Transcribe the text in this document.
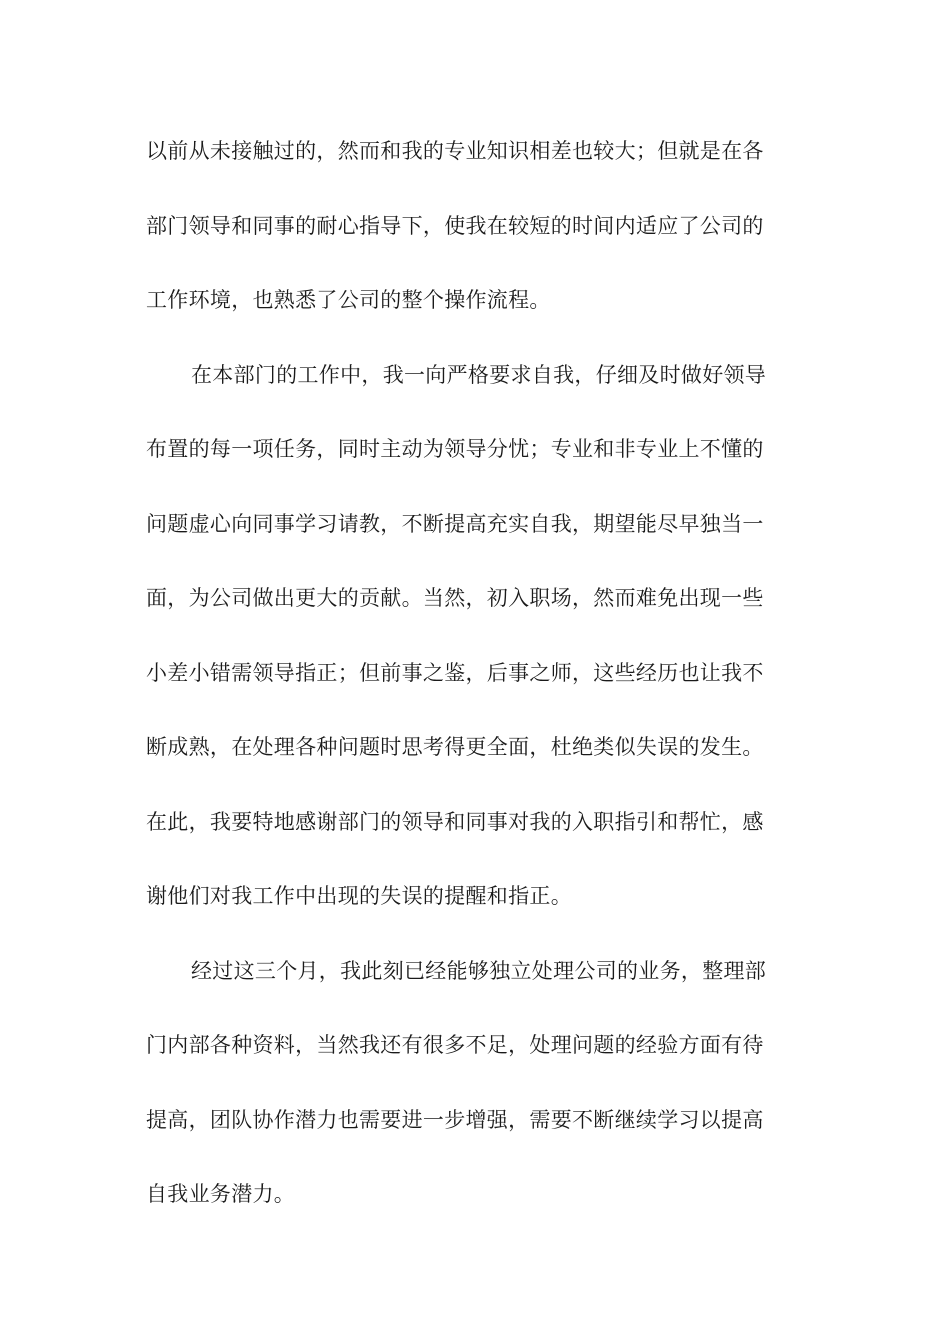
以前从未接触过的，然而和我的专业知识相差也较大；但就是在各
部门领导和同事的耐心指导下，使我在较短的时间内适应了公司的
工作环境，也熟悉了公司的整个操作流程。
在本部门的工作中，我一向严格要求自我，仔细及时做好领导
布置的每一项任务，同时主动为领导分忧；专业和非专业上不懂的
问题虚心向同事学习请教，不断提高充实自我，期望能尽早独当一
面，为公司做出更大的贡献。当然，初入职场，然而难免出现一些
小差小错需领导指正；但前事之鉴，后事之师，这些经历也让我不
断成熟，在处理各种问题时思考得更全面，杜绝类似失误的发生。
在此，我要特地感谢部门的领导和同事对我的入职指引和帮忙，感
谢他们对我工作中出现的失误的提醒和指正。
经过这三个月，我此刻已经能够独立处理公司的业务，整理部
门内部各种资料，当然我还有很多不足，处理问题的经验方面有待
提高，团队协作潜力也需要进一步增强，需要不断继续学习以提高
自我业务潜力。
